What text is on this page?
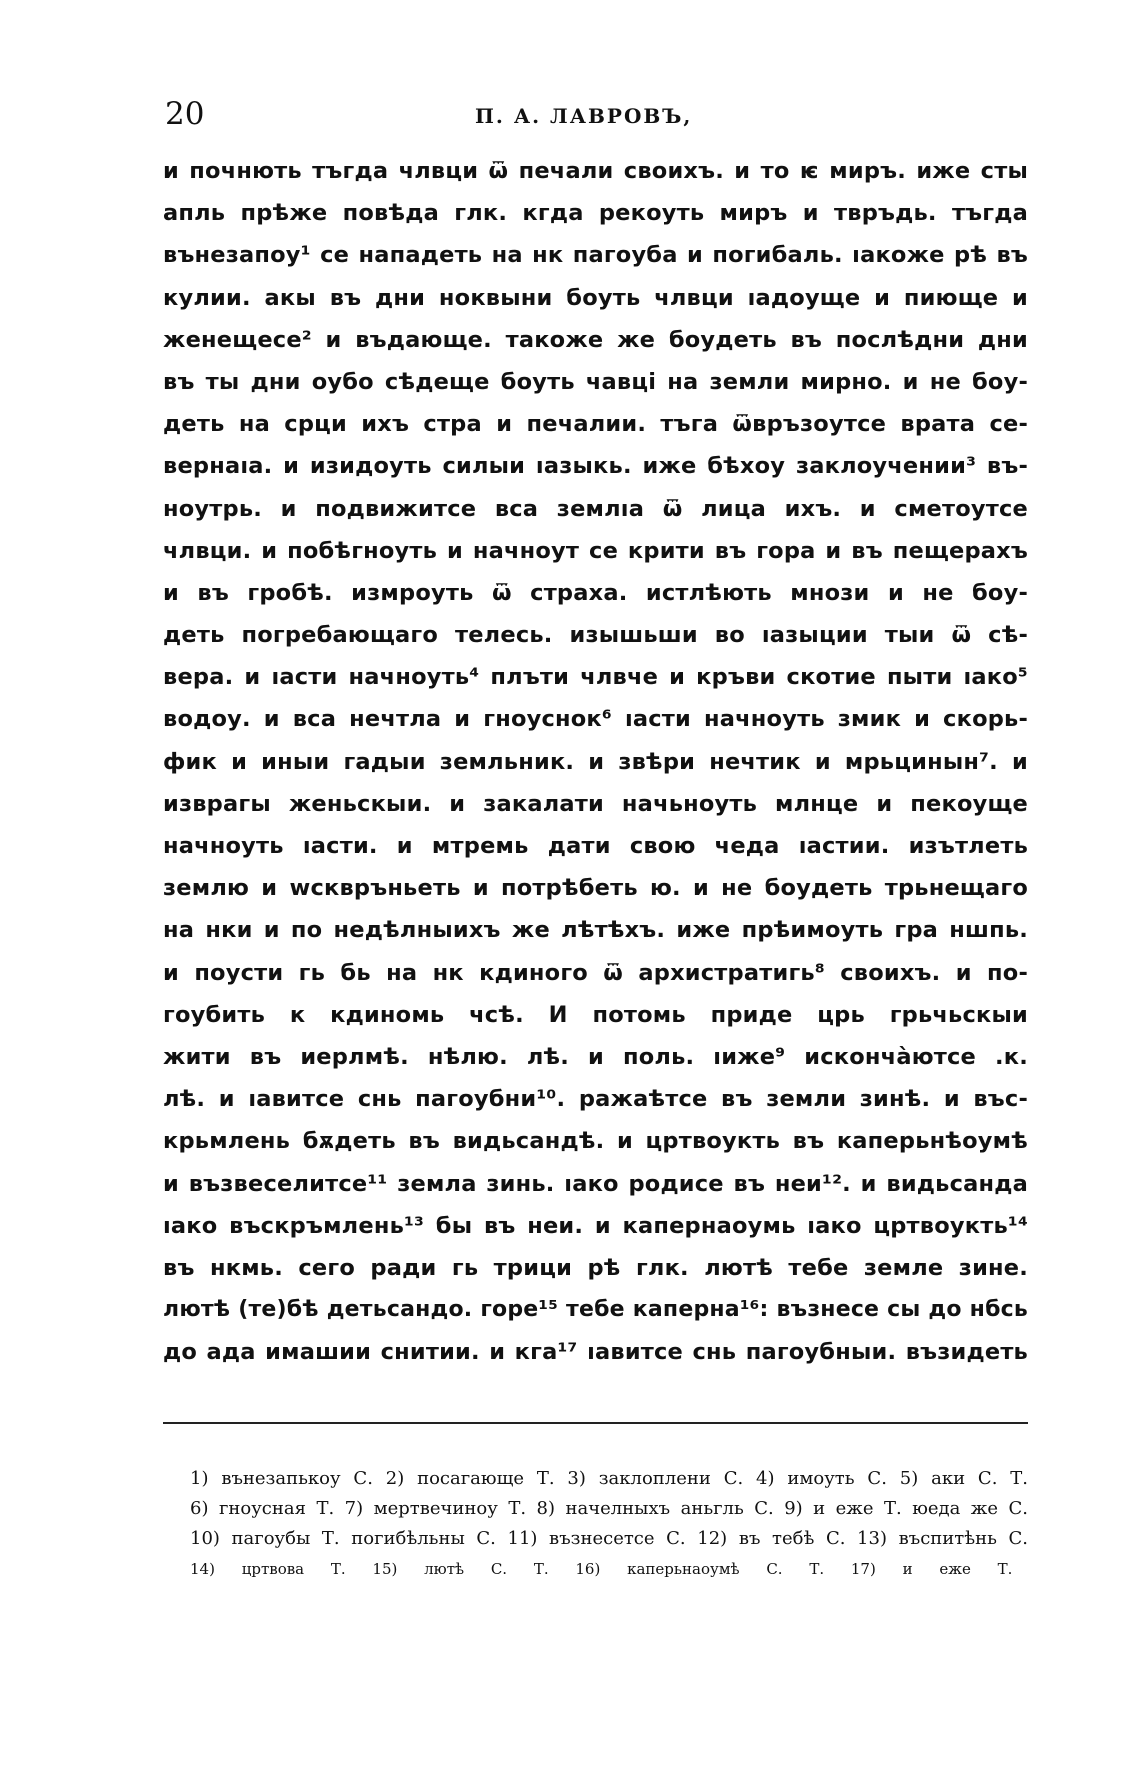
20	П. А. ЛАВРОВЪ,
и почнють тъгда члвци ѿ печали своихъ. и то ѥ миръ. иже сты
апль прѣже повѣда глк. кгда рекоуть миръ и твръдь. тъгда
вънезапоу¹ се нападеть на нк пагоуба и погибаль. ıакоже рѣ въ
кулии. акы въ дни ноквыни боуть члвци ıадоуще и пиюще и
женещесе² и въдающе. такоже же боудеть въ послѣдни дни
въ ты дни оубо сѣдеще боуть чавці на земли мирно. и не боу-
деть на срци ихъ стра и печалии. тъга ѿвръзоутсе врата се-
вернаıа. и изидоуть силыи ıазыкь. иже бѣхоу заклоучении³ въ-
ноутрь. и подвижитсе вса землıа ѿ лица ихъ. и сметоутсе
члвци. и побѣгноуть и начноут се крити въ гора и въ пещерахъ
и въ гробѣ. измроуть ѿ страха. истлѣють мнози и не боу-
деть погребающаго телесь. изышьши во ıазыции тыи ѿ сѣ-
вера. и ıасти начноуть⁴ плъти члвче и кръви скотие пыти ıако⁵
водоу. и вса нечтла и гноуснок⁶ ıасти начноуть змик и скорь-
фик и иныи гадыи земльник. и звѣри нечтик и мрьцинын⁷. и
изврагы женьскыи. и закалати начьноуть млнце и пекоуще
начноуть ıасти. и мтремь дати свою чеда ıастии. изътлеть
землю и wсквръньеть и потрѣбеть ю. и не боудеть трьнещаго
на нки и по недѣлныихъ же лѣтѣхъ. иже прѣимоуть гра ншпь.
и поусти гь бь на нк кдиного ѿ архистратигь⁸ своихъ. и по-
гоубить к кдиномь чсѣ. И потомь приде црь грьчьскыи
жити въ иерлмѣ. нѣлю. лѣ. и поль. ıиже⁹ исконча̀ютсе .к.
лѣ. и ıавитсе снь пагоубни¹⁰. ражаѣтсе въ земли зинѣ. и въс-
крьмлень бѫдеть въ видьсандѣ. и цртвоукть въ каперьнѣоумѣ
и възвеселитсе¹¹ земла зинь. ıако родисе въ неи¹². и видьсанда
ıако въскръмлень¹³ бы въ неи. и капернаоумь ıако цртвоукть¹⁴
въ нкмь. сего ради гь трици рѣ глк. лютѣ тебе земле зине.
лютѣ (те)бѣ детьсандо. горе¹⁵ тебе каперна¹⁶: възнесе сы до нбсь
до ада имашии снитии. и кга¹⁷ ıавитсе снь пагоубныи. възидеть
1) вънезапькоу С. 2) посагающе Т. 3) заклоплени С. 4) имоуть С. 5) аки С. Т.
6) гноусная Т. 7) мертвечиноу Т. 8) начелныхъ аньгль С. 9) и еже Т. юеда же С.
10) пагоубы Т. погибѣльны С. 11) възнесетсе С. 12) въ тебѣ С. 13) въспитѣнь С.
14) цртвова Т. 15) лютѣ С. Т. 16) каперьнаоумѣ С. Т. 17) и еже Т.
